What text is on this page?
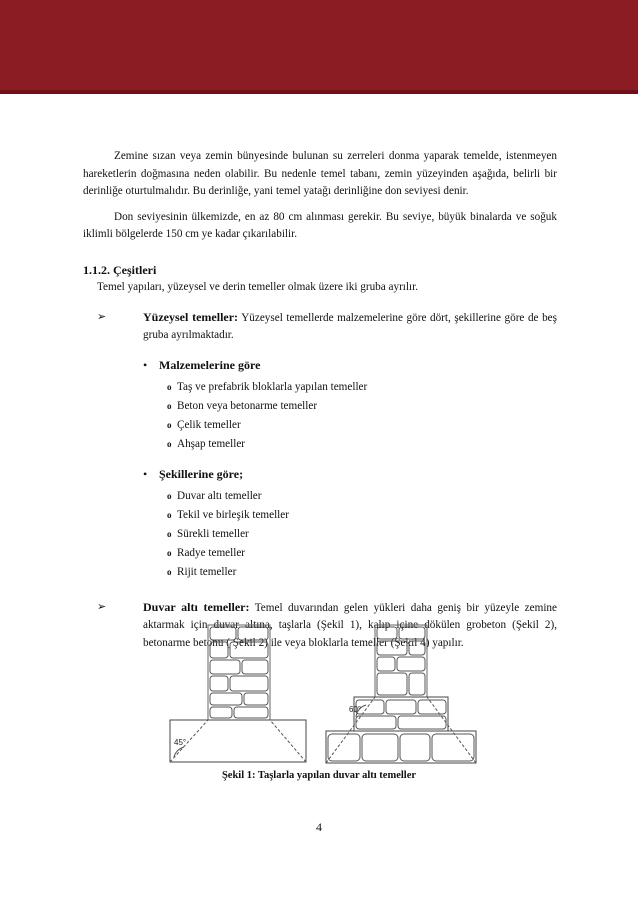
Zemine sızan veya zemin bünyesinde bulunan su zerreleri donma yaparak temelde, istenmeyen hareketlerin doğmasına neden olabilir. Bu nedenle temel tabanı, zemin yüzeyinden aşağıda, belirli bir derinliğe oturtulmalıdır. Bu derinliğe, yani temel yatağı derinliğine don seviyesi denir.

Don seviyesinin ülkemizde, en az 80 cm alınması gerekir. Bu seviye, büyük binalarda ve soğuk iklimli bölgelerde 150 cm ye kadar çıkarılabilir.

1.1.2. Çeşitleri
Temel yapıları, yüzeysel ve derin temeller olmak üzere iki gruba ayrılır.
➢	Yüzeysel temeller: Yüzeysel temellerde malzemelerine göre dört, şekillerine göre de beş gruba ayrılmaktadır.
• Malzemelerine göre
o Taş ve prefabrik bloklarla yapılan temeller
o Beton veya betonarme temeller
o Çelik temeller
o Ahşap temeller
• Şekillerine göre;
o Duvar altı temeller
o Tekil ve birleşik temeller
o Sürekli temeller
o Radye temeller
o Rijit temeller
➢	Duvar altı temeller: Temel duvarından gelen yükleri daha geniş bir yüzeyle zemine aktarmak için duvar altına, taşlarla (Şekil 1), kalıp içine dökülen grobeton (Şekil 2), betonarme betonu ( Şekil 2) ile veya bloklarla temeller (Şekil 4) yapılır.
45°
60°
Şekil 1: Taşlarla yapılan duvar altı temeller
4
